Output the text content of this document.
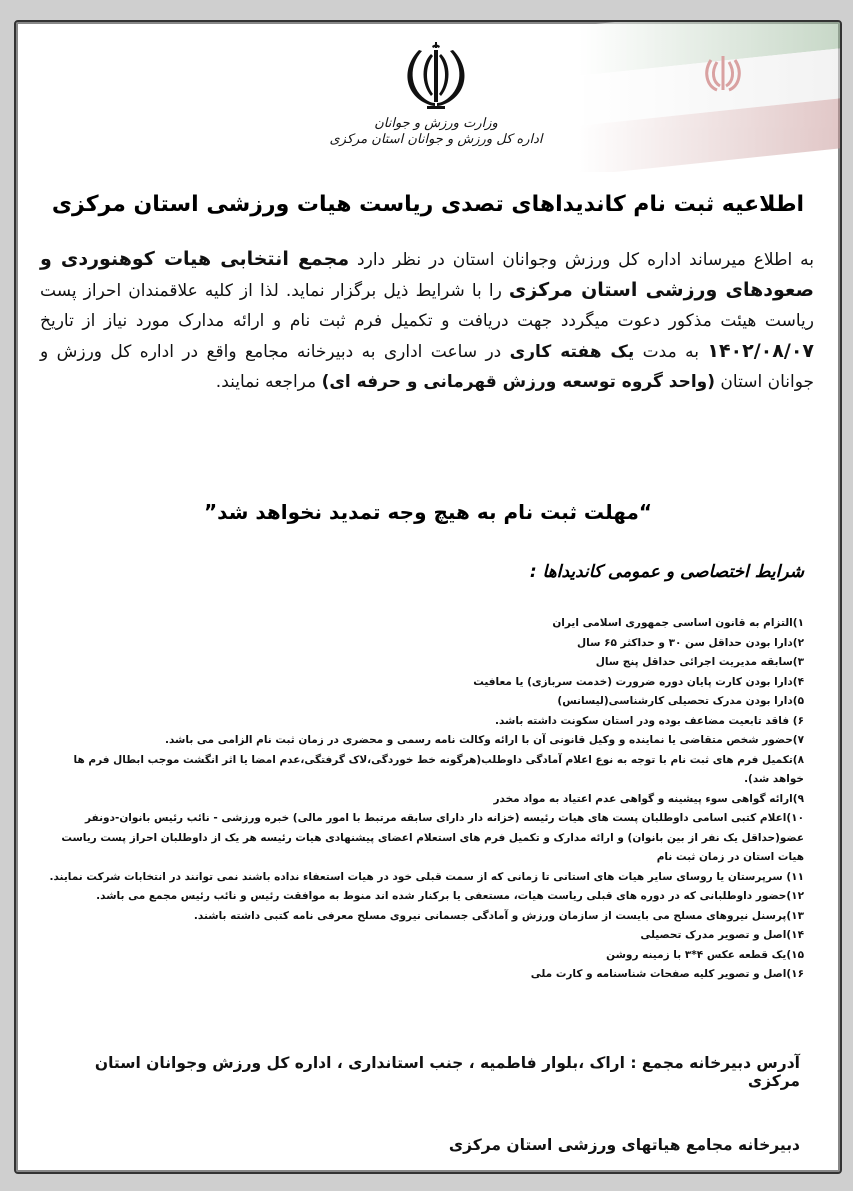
وزارت ورزش و جوانان
اداره کل ورزش و جوانان استان مرکزی
اطلاعیه ثبت نام کاندیداهای تصدی ریاست هیات ورزشی استان مرکزی
به اطلاع میرساند اداره کل ورزش وجوانان استان در نظر دارد مجمع انتخابی هیات کوهنوردی و صعودهای ورزشی استان مرکزی را با شرایط ذیل برگزار نماید. لذا از کلیه علاقمندان احراز پست ریاست هیئت مذکور دعوت میگردد جهت دریافت و تکمیل فرم ثبت نام و ارائه مدارک مورد نیاز از تاریخ ۱۴۰۲/۰۸/۰۷ به مدت یک هفته کاری در ساعت اداری به دبیرخانه مجامع واقع در اداره کل ورزش و جوانان استان (واحد گروه توسعه ورزش قهرمانی و حرفه ای) مراجعه نمایند.
“مهلت ثبت نام به هیچ وجه تمدید نخواهد شد”
شرایط اختصاصی و عمومی کاندیداها :
۱)التزام به قانون اساسی جمهوری اسلامی ایران
۲)دارا بودن حداقل سن ۳۰ و حداکثر ۶۵ سال
۳)سابقه مدیریت اجرائی حداقل پنج سال
۴)دارا بودن کارت پایان دوره ضرورت (خدمت سربازی) یا معافیت
۵)دارا بودن مدرک تحصیلی کارشناسی(لیسانس)
۶) فاقد تابعیت مضاعف بوده ودر استان سکونت داشته باشد.
۷)حضور شخص متقاضی یا نماینده و وکیل قانونی آن با ارائه وکالت نامه رسمی و محضری در زمان ثبت نام الزامی می باشد.
۸)تکمیل فرم های ثبت نام با توجه به نوع اعلام آمادگی داوطلب(هرگونه خط خوردگی،لاک گرفتگی،عدم امضا یا اثر انگشت موجب ابطال فرم ها خواهد شد).
۹)ارائه گواهی سوء پیشینه و گواهی عدم اعتیاد به مواد مخدر
۱۰)اعلام کتبی اسامی داوطلبان پست های هیات رئیسه (خزانه دار دارای سابقه مرتبط با امور مالی) خبره ورزشی - نائب رئیس بانوان-دونفر عضو(حداقل یک نفر از بین بانوان) و ارائه مدارک و تکمیل فرم های استعلام اعضای پیشنهادی هیات رئیسه هر یک از داوطلبان احراز پست ریاست هیات استان در زمان ثبت نام
۱۱) سرپرستان یا روسای سایر هیات های استانی تا زمانی که از سمت قبلی خود در هیات استعفاء نداده باشند نمی توانند در انتخابات شرکت نمایند.
۱۲)حضور داوطلبانی که در دوره های قبلی ریاست هیات، مستعفی یا برکنار شده اند منوط به موافقت رئیس و نائب رئیس مجمع می باشد.
۱۳)پرسنل نیروهای مسلح می بایست از سازمان ورزش و آمادگی جسمانی نیروی مسلح معرفی نامه کتبی داشته باشند.
۱۴)اصل و تصویر مدرک تحصیلی
۱۵)یک قطعه عکس ۴*۳ با زمینه روشن
۱۶)اصل و تصویر کلیه صفحات شناسنامه و کارت ملی
آدرس دبیرخانه مجمع : اراک ،بلوار فاطمیه ، جنب استانداری ، اداره کل ورزش وجوانان استان مرکزی
دبیرخانه مجامع هیاتهای ورزشی استان مرکزی
